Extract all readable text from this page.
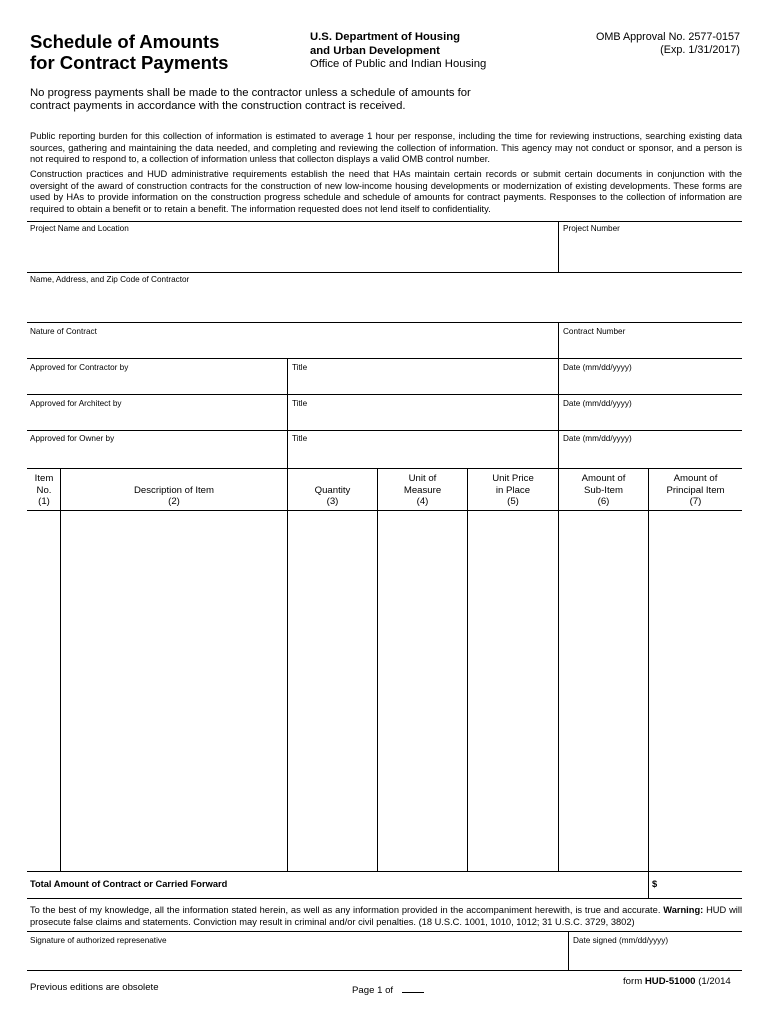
Schedule of Amounts
for Contract Payments
U.S. Department of Housing
and Urban Development
Office of Public and Indian Housing
OMB Approval No. 2577-0157
(Exp. 1/31/2017)
No progress payments shall be made to the contractor unless a schedule of amounts for contract payments in accordance with the construction contract is received.
Public reporting burden for this collection of information is estimated to average 1 hour per response, including the time for reviewing instructions, searching existing data sources, gathering and maintaining the data needed, and completing and reviewing the collection of information. This agency may not conduct or sponsor, and a person is not required to respond to, a collection of information unless that collecton displays a valid OMB control number.
Construction practices and HUD administrative requirements establish the need that HAs maintain certain records or submit certain documents in conjunction with the oversight of the award of construction contracts for the construction of new low-income housing developments or modernization of existing developments. These forms are used by HAs to provide information on the construction progress schedule and schedule of amounts for contract payments. Responses to the collection of information are required to obtain a benefit or to retain a benefit. The information requested does not lend itself to confidentiality.
Project Name and Location	Project Number
Name, Address, and Zip Code of Contractor
Nature of Contract	Contract Number
Approved for Contractor by	Title	Date (mm/dd/yyyy)
Approved for Architect by	Title	Date (mm/dd/yyyy)
Approved for Owner by	Title	Date (mm/dd/yyyy)
Item
No.
(1)
Description of Item
(2)
Quantity
(3)
Unit of
Measure
(4)
Unit Price
in Place
(5)
Amount of
Sub-Item
(6)
Amount of
Principal Item
(7)
Total Amount of Contract or Carried Forward	$
To the best of my knowledge, all the information stated herein, as well as any information provided in the accompaniment herewith, is true and accurate. Warning: HUD will prosecute false claims and statements. Conviction may result in criminal and/or civil penalties. (18 U.S.C. 1001, 1010, 1012; 31 U.S.C. 3729, 3802)
Signature of authorized represenative	Date signed (mm/dd/yyyy)
Previous editions are obsolete	Page 1 of
form HUD-51000 (1/2014
